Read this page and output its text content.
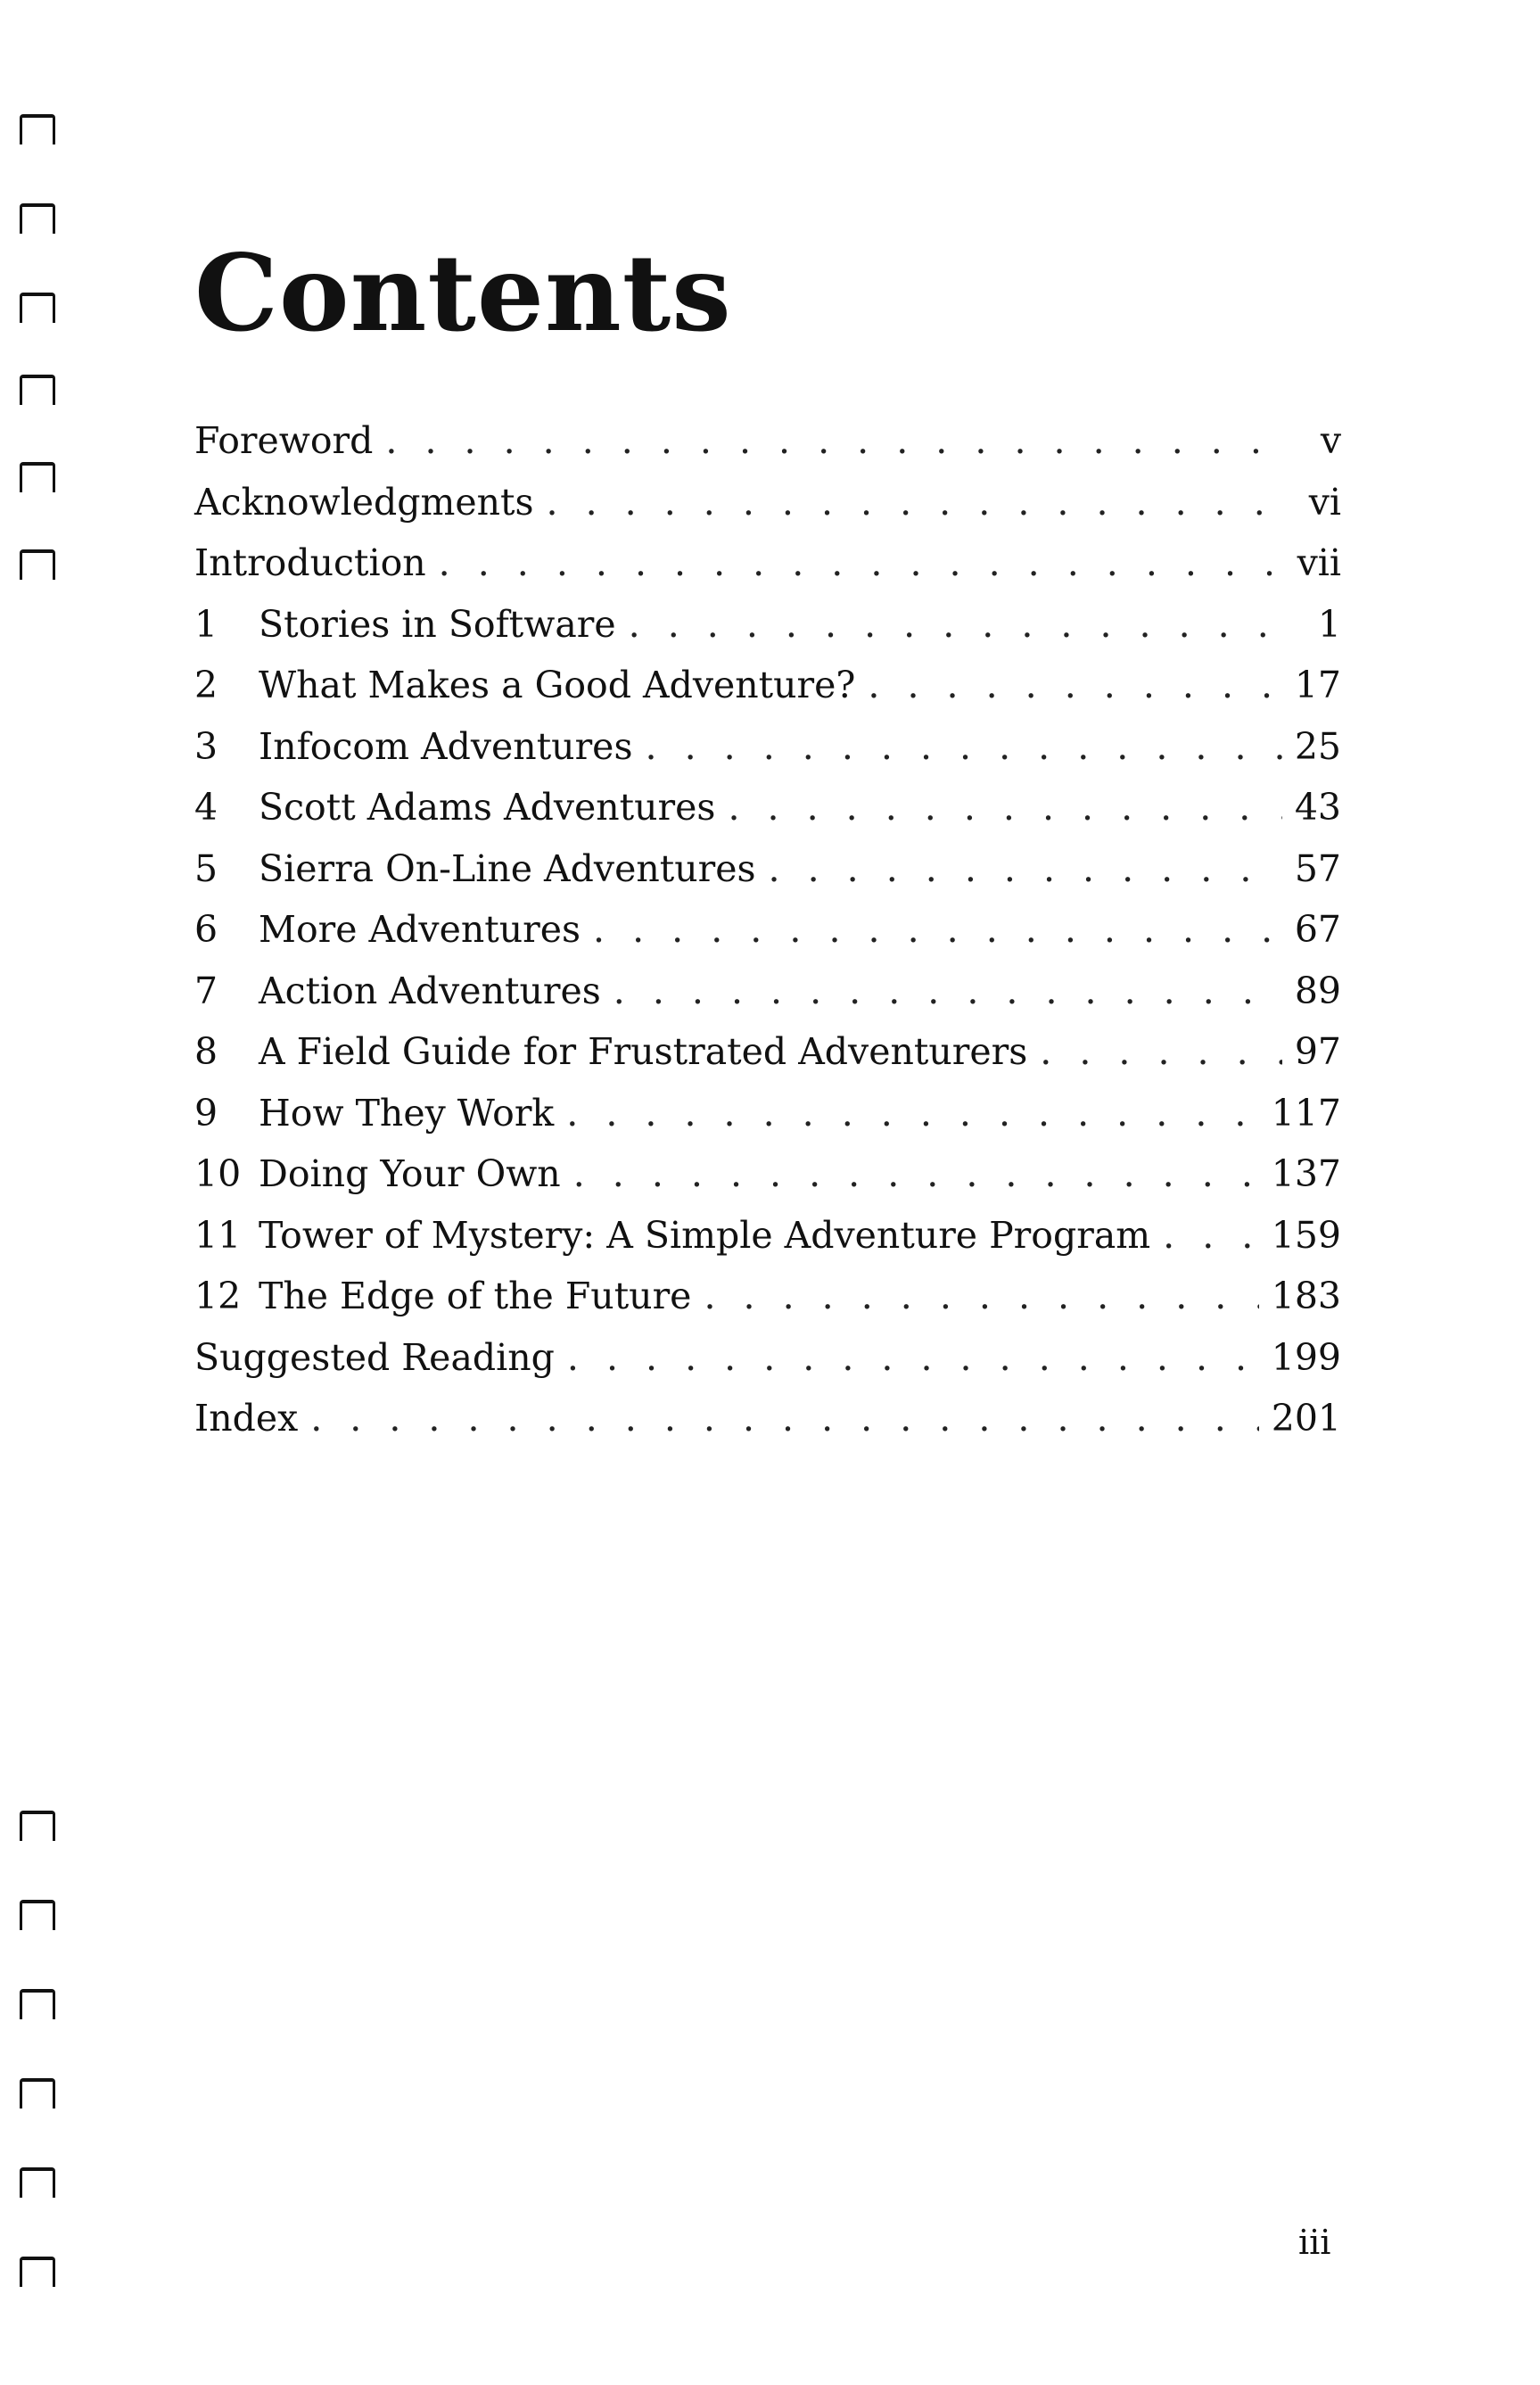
Contents
Foreword . . .	v
Acknowledgments . . .	vi
Introduction . . .	vii
1	Stories in Software . . .	1
2	What Makes a Good Adventure? . . .	17
3	Infocom Adventures . . .	25
4	Scott Adams Adventures . . .	43
5	Sierra On-Line Adventures . . .	57
6	More Adventures . . .	67
7	Action Adventures . . .	89
8	A Field Guide for Frustrated Adventurers . . .	97
9	How They Work . . .	117
10 Doing Your Own . . .	137
11 Tower of Mystery: A Simple Adventure Program . . .	159
12 The Edge of the Future . . .	183
Suggested Reading . . .	199
Index . . .	201
iii
